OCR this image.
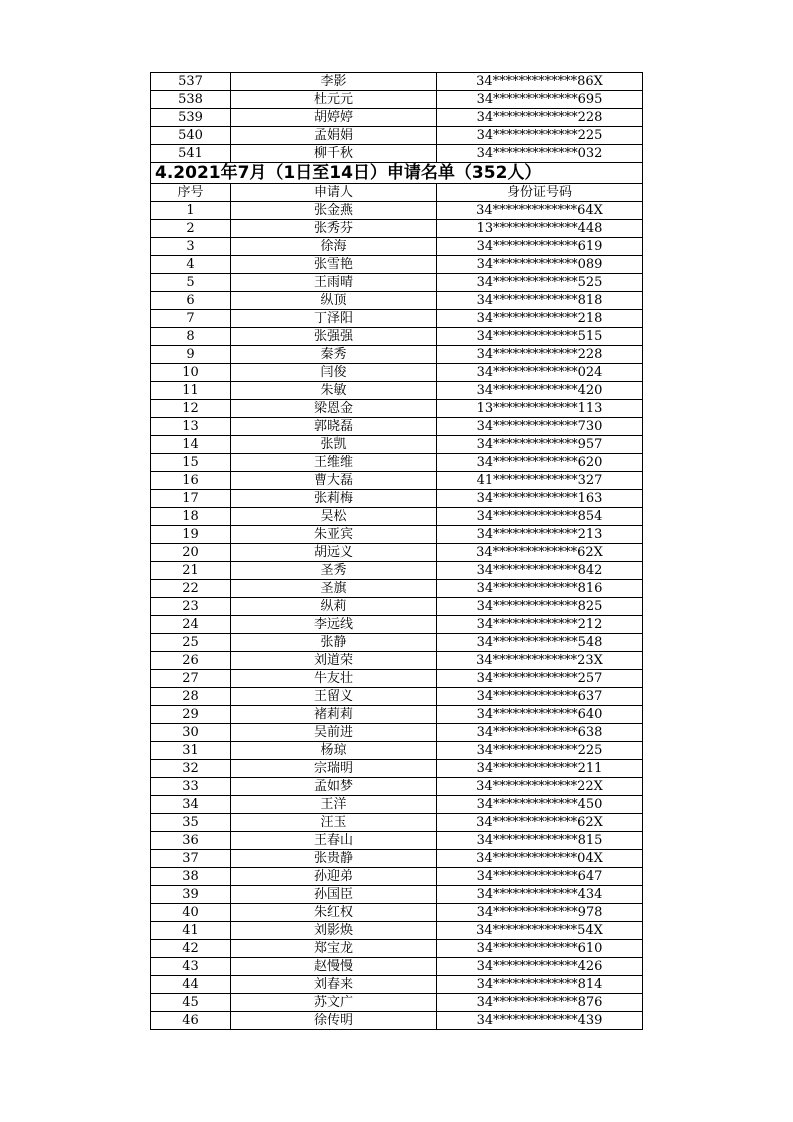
537	李影	34*************86X
538	杜元元	34*************695
539	胡婷婷	34*************228
540	孟娟娟	34*************225
541	柳千秋	34*************032
4.2021年7月（1日至14日）申请名单（352人）		
序号	申请人	身份证号码
1	张金燕	34*************64X
2	张秀芬	13*************448
3	徐海	34*************619
4	张雪艳	34*************089
5	王雨晴	34*************525
6	纵顶	34*************818
7	丁泽阳	34*************218
8	张强强	34*************515
9	秦秀	34*************228
10	闫俊	34*************024
11	朱敏	34*************420
12	梁恩金	13*************113
13	郭晓磊	34*************730
14	张凯	34*************957
15	王维维	34*************620
16	曹大磊	41*************327
17	张莉梅	34*************163
18	吴松	34*************854
19	朱亚宾	34*************213
20	胡远义	34*************62X
21	圣秀	34*************842
22	圣旗	34*************816
23	纵莉	34*************825
24	李远线	34*************212
25	张静	34*************548
26	刘道荣	34*************23X
27	牛友壮	34*************257
28	王留义	34*************637
29	褚莉莉	34*************640
30	吴前进	34*************638
31	杨琼	34*************225
32	宗瑞明	34*************211
33	孟如梦	34*************22X
34	王洋	34*************450
35	汪玉	34*************62X
36	王春山	34*************815
37	张贵静	34*************04X
38	孙迎弟	34*************647
39	孙国臣	34*************434
40	朱红权	34*************978
41	刘影焕	34*************54X
42	郑宝龙	34*************610
43	赵慢慢	34*************426
44	刘春来	34*************814
45	苏文广	34*************876
46	徐传明	34*************439
